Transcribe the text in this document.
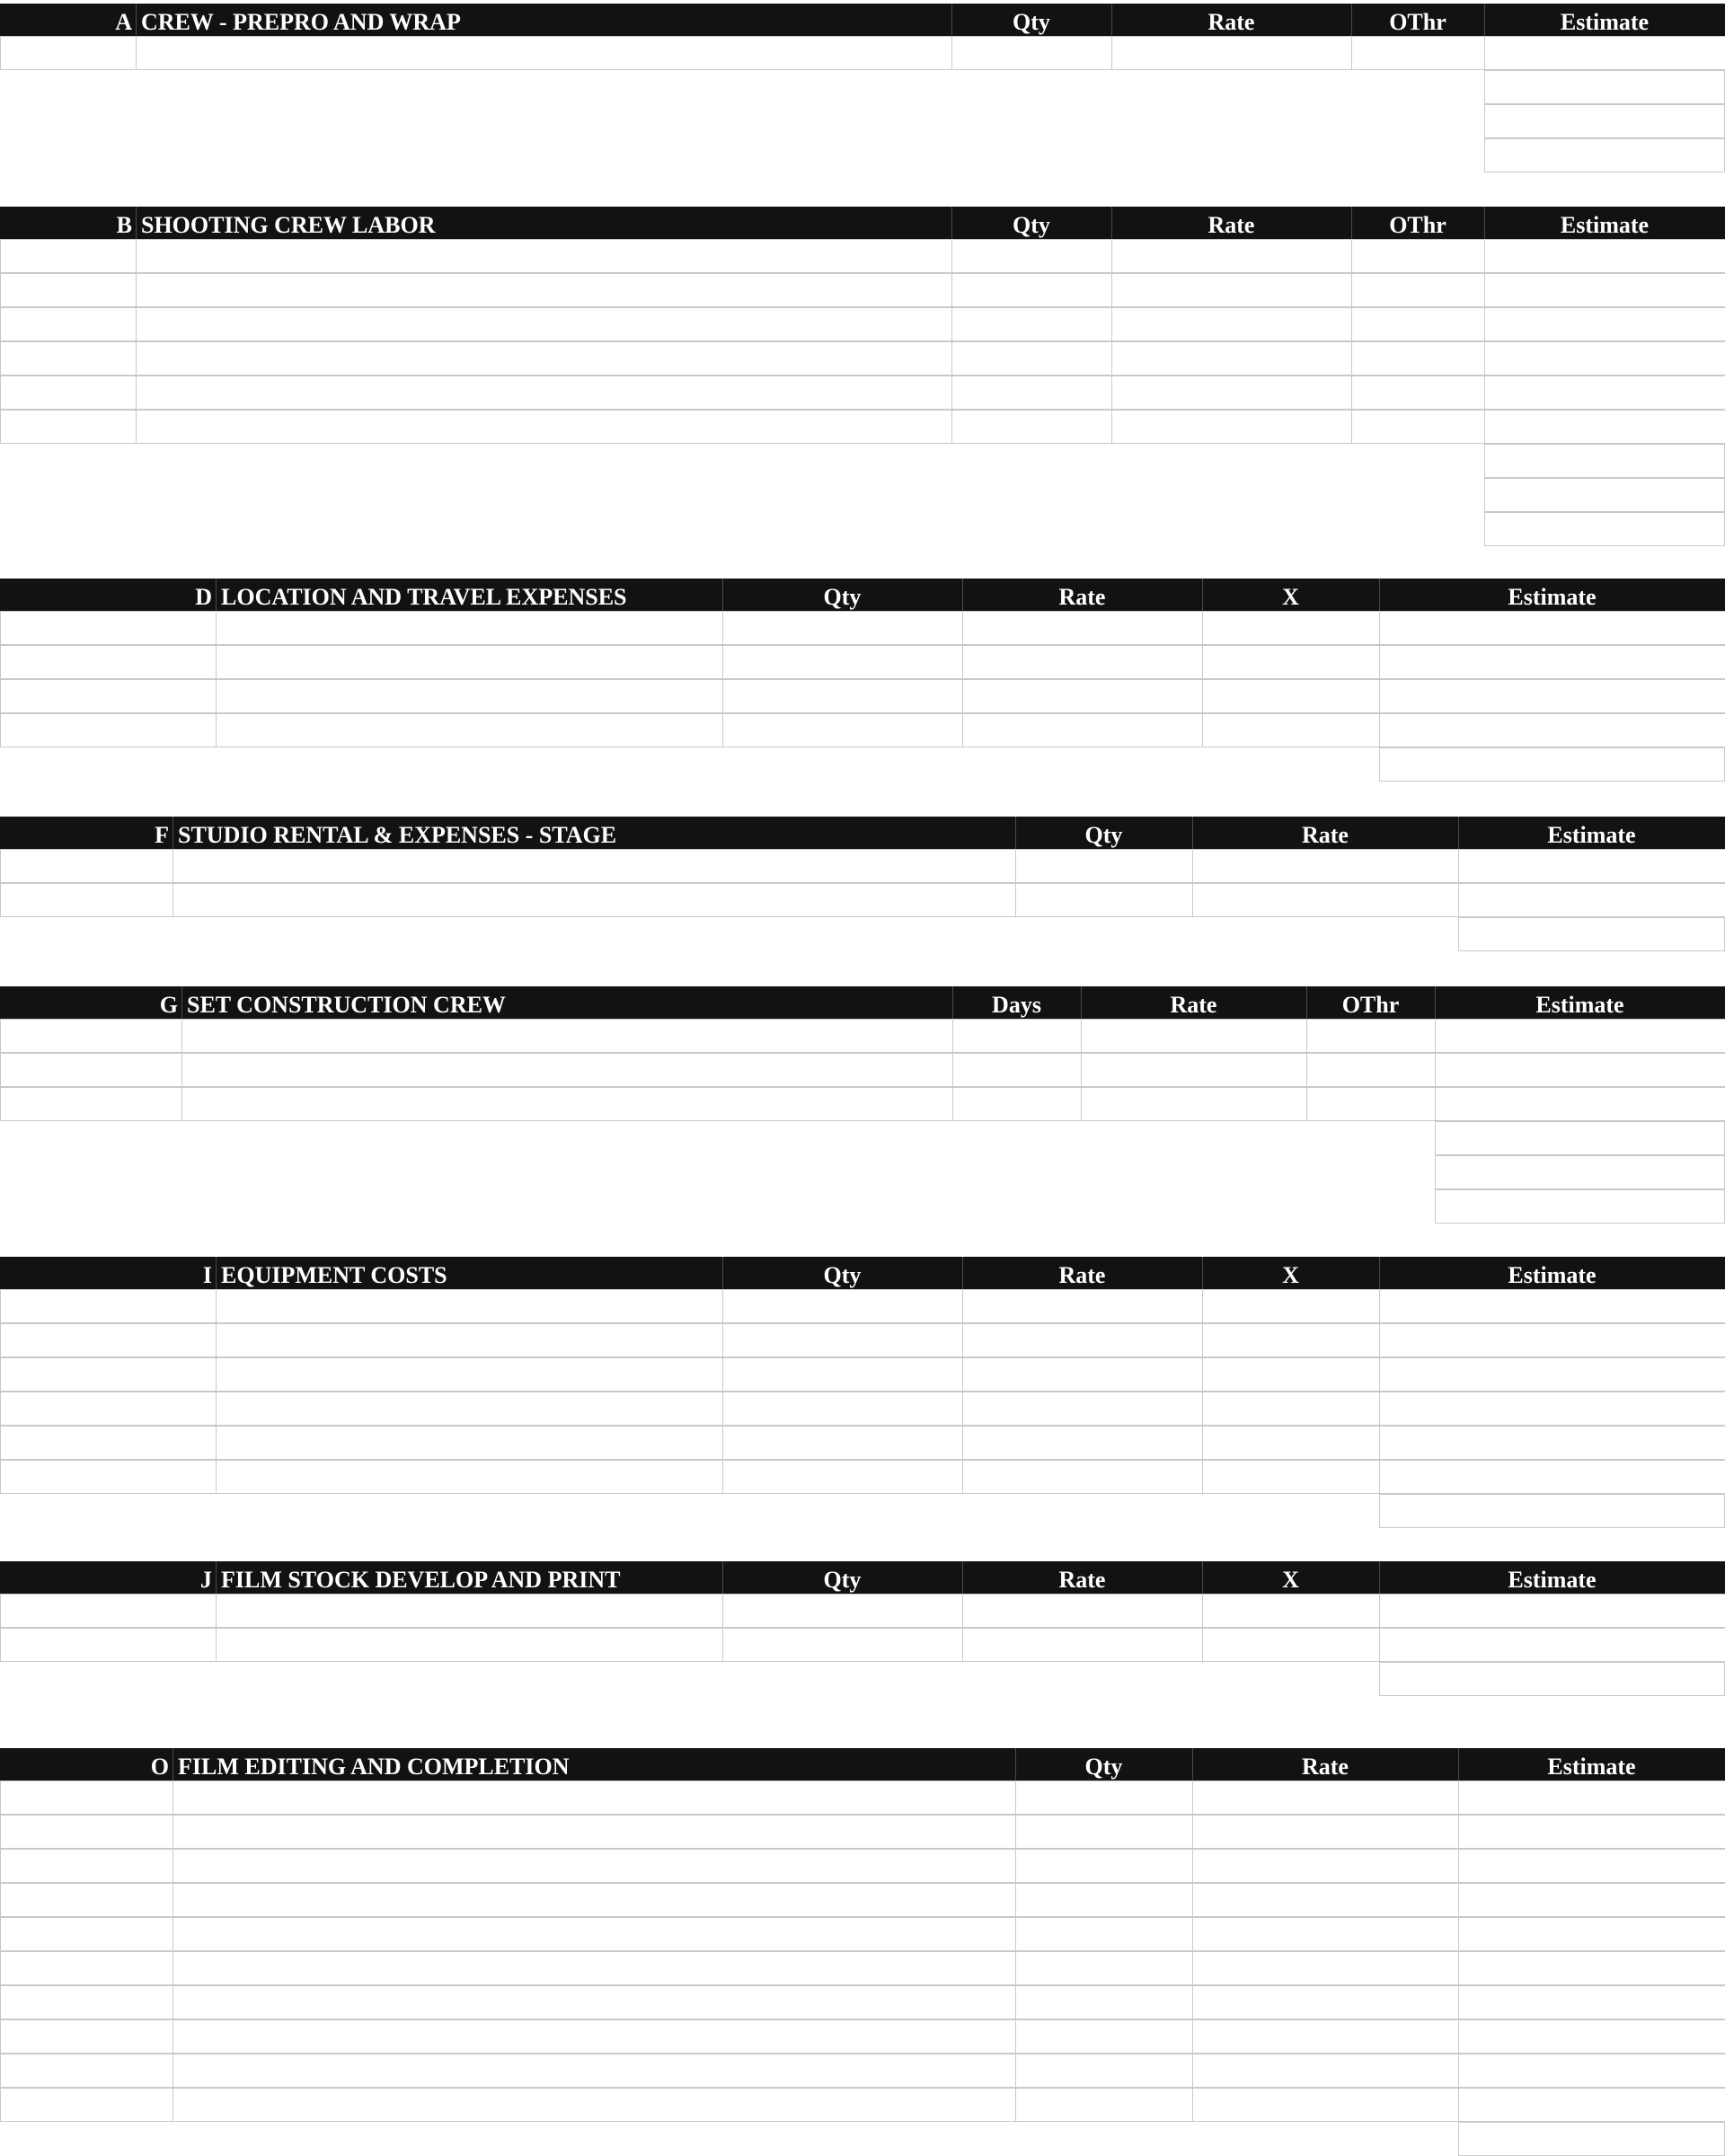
A CREW - PREPRO AND WRAP	Qty	Rate	OThr	Estimate
B SHOOTING CREW LABOR	Qty	Rate	OThr	Estimate
D LOCATION AND TRAVEL EXPENSES	Qty	Rate	X	Estimate
F STUDIO RENTAL & EXPENSES - STAGE	Qty	Rate	Estimate
G SET CONSTRUCTION CREW	Days	Rate	OThr	Estimate
I EQUIPMENT COSTS	Qty	Rate	X	Estimate
J FILM STOCK DEVELOP AND PRINT	Qty	Rate	X	Estimate
O FILM EDITING AND COMPLETION	Qty	Rate	Estimate
